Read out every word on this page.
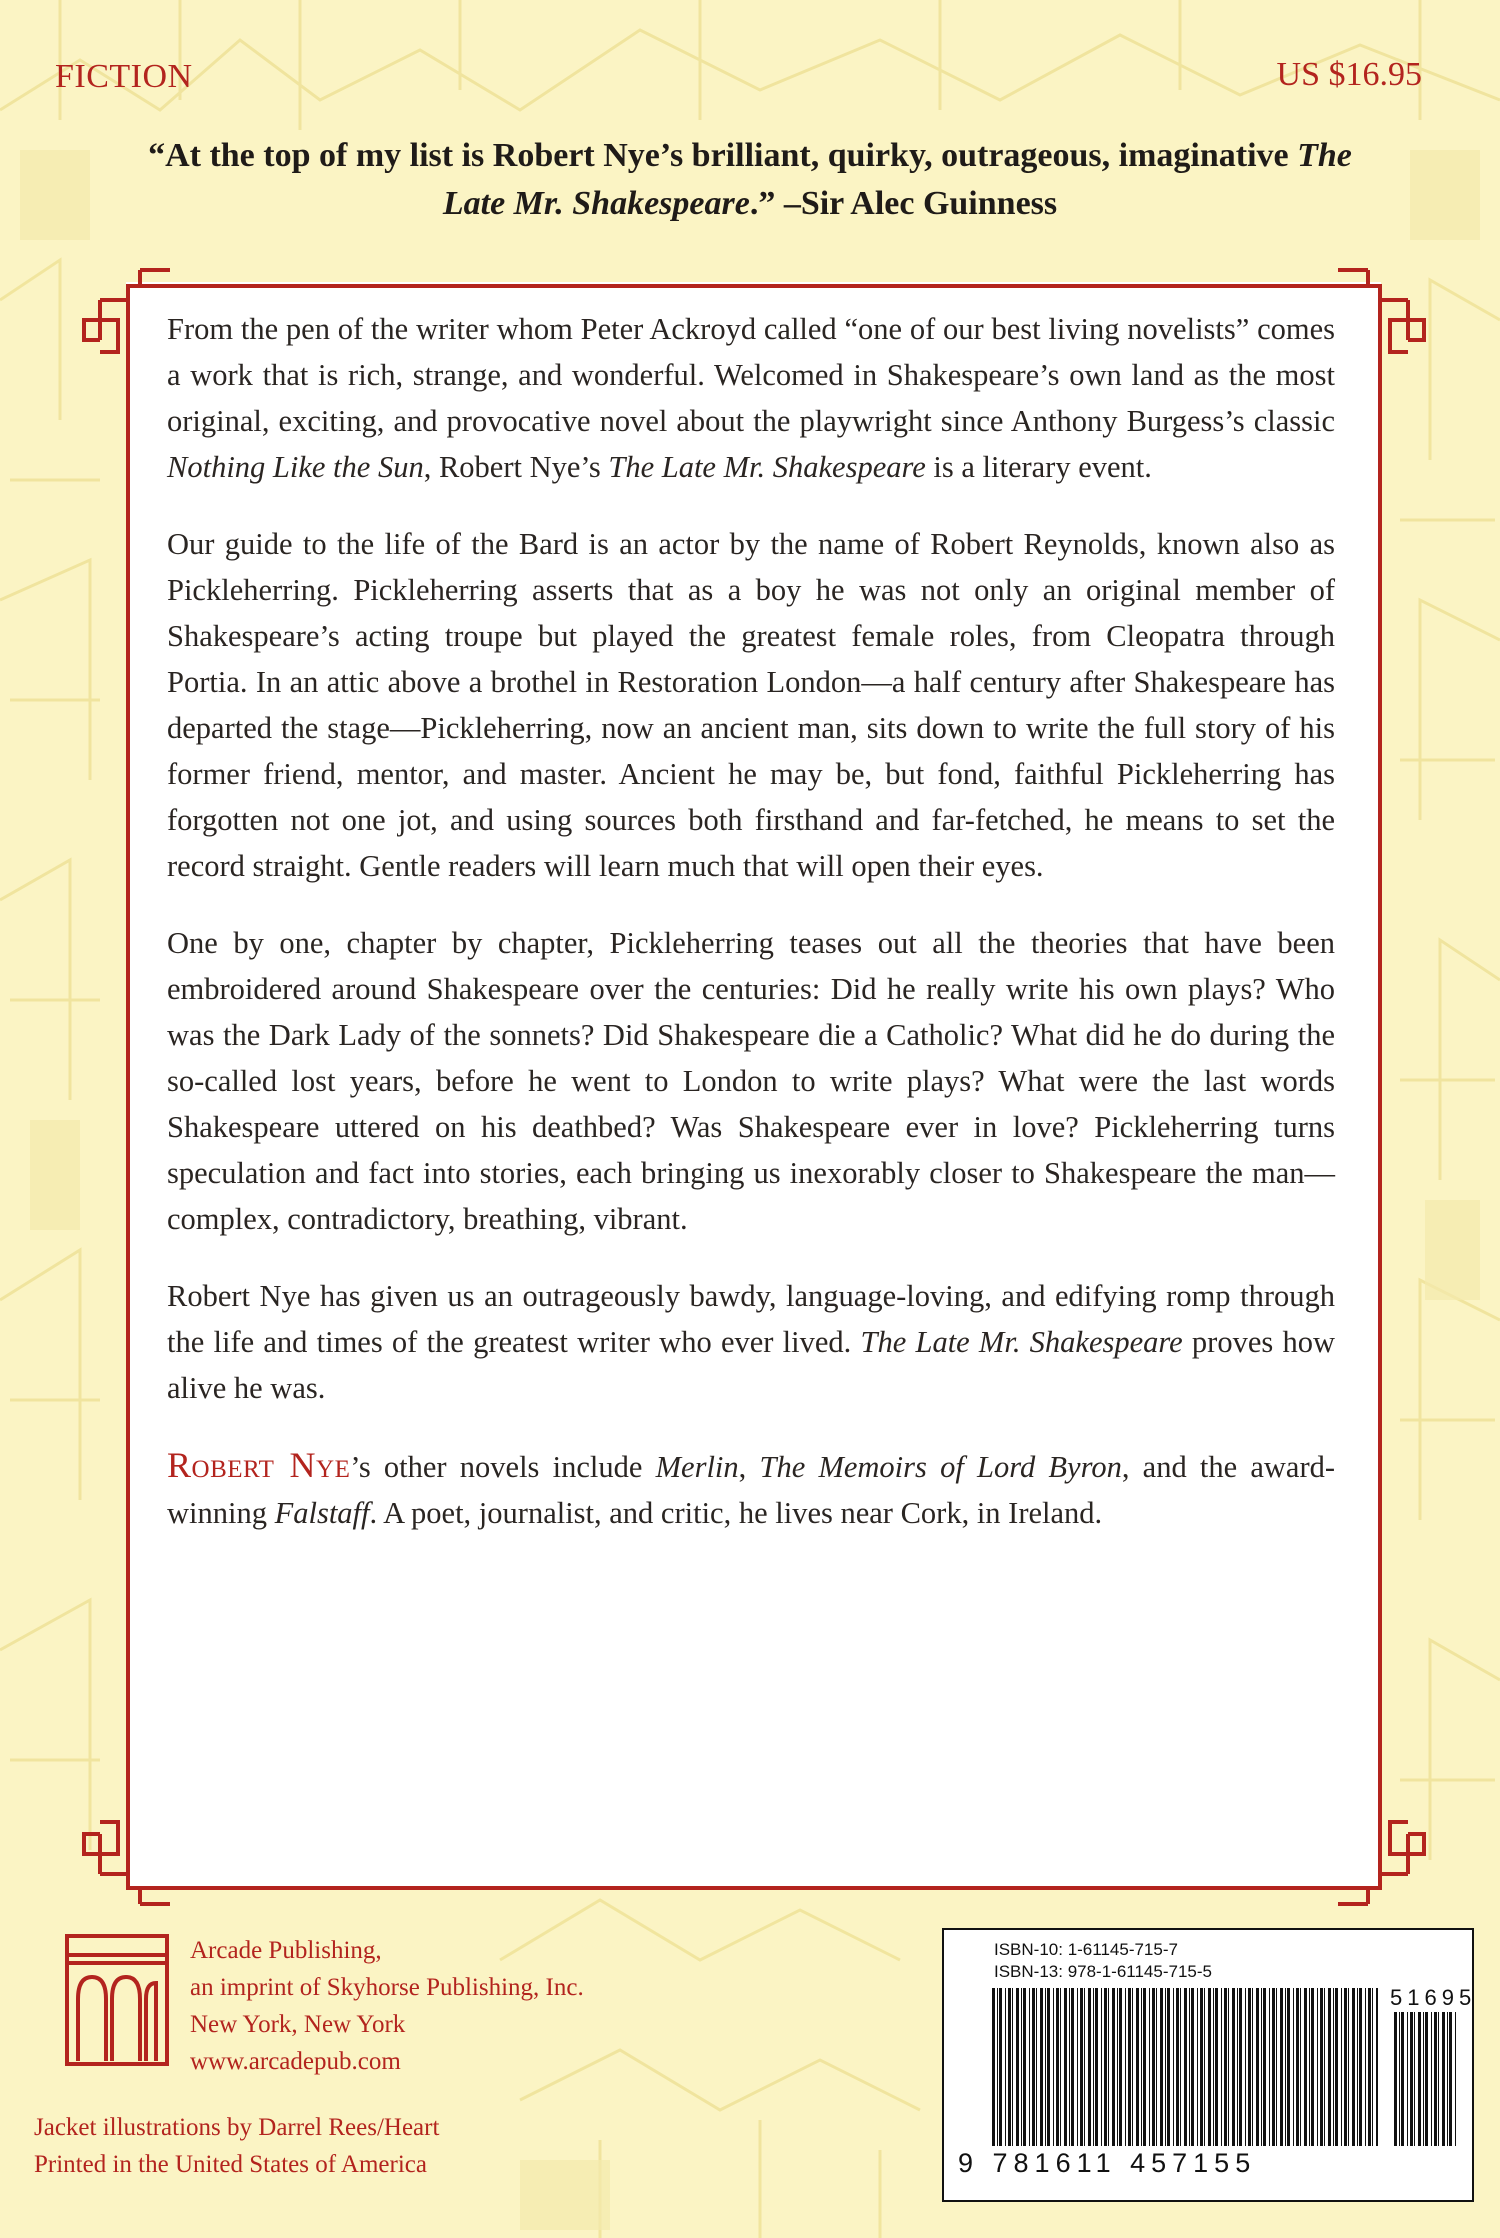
FICTION	US $16.95
“At the top of my list is Robert Nye’s brilliant, quirky, outrageous, imaginative The Late Mr. Shakespeare.” –Sir Alec Guinness

From the pen of the writer whom Peter Ackroyd called “one of our best living novelists” comes a work that is rich, strange, and wonderful. Welcomed in Shakespeare’s own land as the most original, exciting, and provocative novel about the playwright since Anthony Burgess’s classic Nothing Like the Sun, Robert Nye’s The Late Mr. Shakespeare is a literary event.

Our guide to the life of the Bard is an actor by the name of Robert Reynolds, known also as Pickleherring. Pickleherring asserts that as a boy he was not only an original member of Shakespeare’s acting troupe but played the greatest female roles, from Cleopatra through Portia. In an attic above a brothel in Restoration London—a half century after Shakespeare has departed the stage—Pickleherring, now an ancient man, sits down to write the full story of his former friend, mentor, and master. Ancient he may be, but fond, faithful Pickleherring has forgotten not one jot, and using sources both firsthand and far-fetched, he means to set the record straight. Gentle readers will learn much that will open their eyes.

One by one, chapter by chapter, Pickleherring teases out all the theories that have been embroidered around Shakespeare over the centuries: Did he really write his own plays? Who was the Dark Lady of the sonnets? Did Shakespeare die a Catholic? What did he do during the so-called lost years, before he went to London to write plays? What were the last words Shakespeare uttered on his deathbed? Was Shakespeare ever in love? Pickleherring turns speculation and fact into stories, each bringing us inexorably closer to Shakespeare the man—complex, contradictory, breathing, vibrant.

Robert Nye has given us an outrageously bawdy, language-loving, and edifying romp through the life and times of the greatest writer who ever lived. The Late Mr. Shakespeare proves how alive he was.

Robert Nye’s other novels include Merlin, The Memoirs of Lord Byron, and the award-winning Falstaff. A poet, journalist, and critic, he lives near Cork, in Ireland.

Arcade Publishing,
an imprint of Skyhorse Publishing, Inc.
New York, New York
www.arcadepub.com
Jacket illustrations by Darrel Rees/Heart
Printed in the United States of America
ISBN-10: 1-61145-715-7
ISBN-13: 978-1-61145-715-5
51695
9 781611 457155
